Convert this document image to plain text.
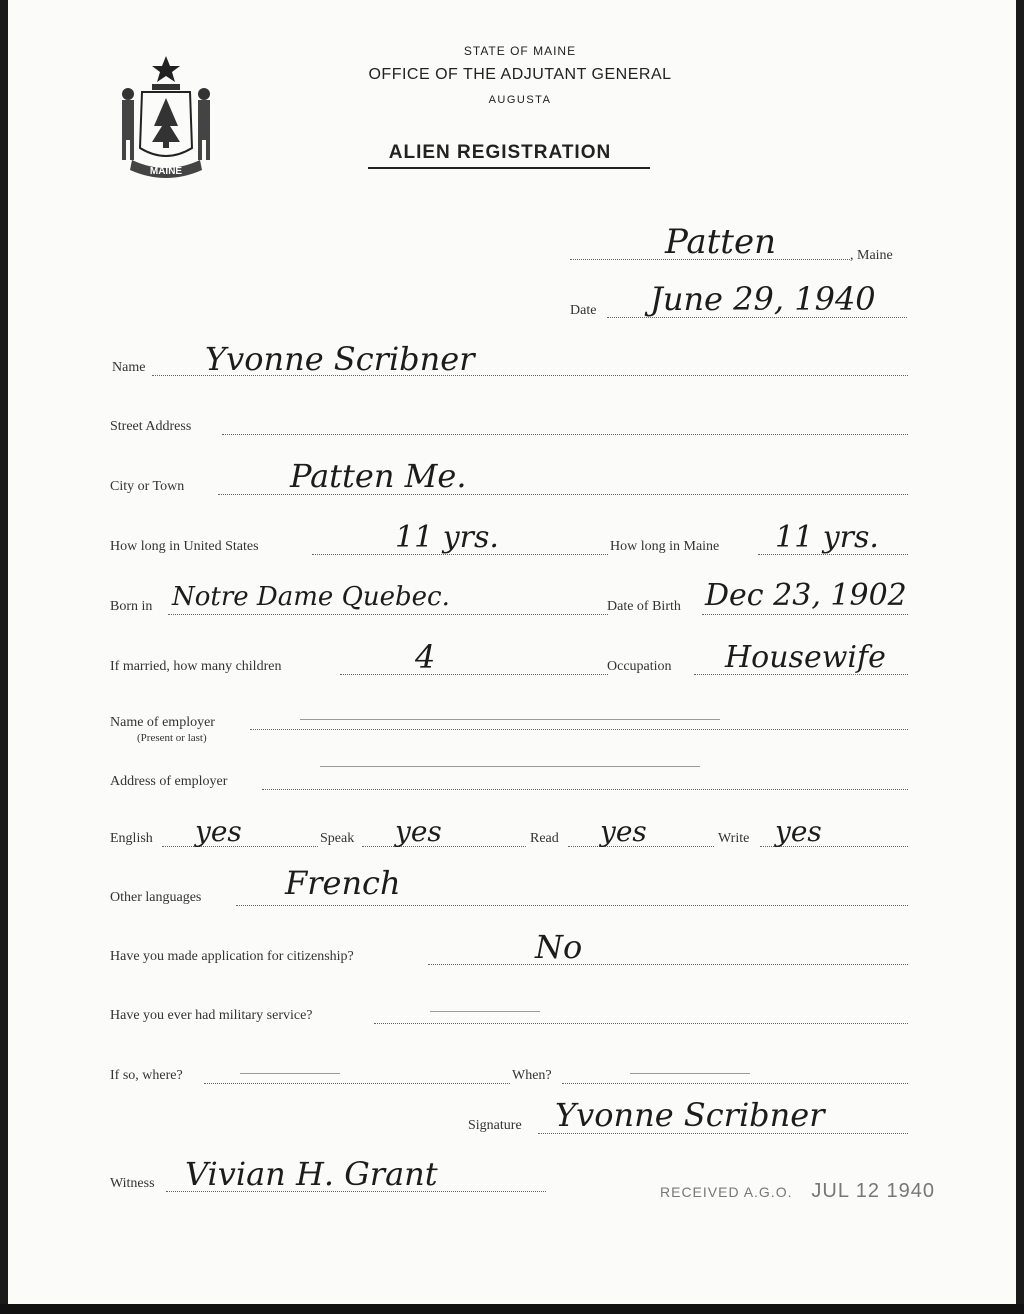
MAINE
STATE OF MAINE
OFFICE OF THE ADJUTANT GENERAL
AUGUSTA
ALIEN REGISTRATION
Patten	, Maine
Date June 29, 1940
Name Yvonne Scribner
Street Address
City or Town	Patten Me.
How long in United States	11 yrs.	How long in Maine 11 yrs.
Born in Notre Dame Quebec.	Date of Birth Dec 23, 1902
If married, how many children	4	Occupation Housewife
Name of employer
(Present or last)
Address of employer
English yes	Speak yes	Read yes	Write yes
Other languages	French
Have you made application for citizenship?	No
Have you ever had military service?
If so, where?	When?
Signature Yvonne Scribner
Witness Vivian H. Grant	RECEIVED A.G.O. JUL 12 1940
